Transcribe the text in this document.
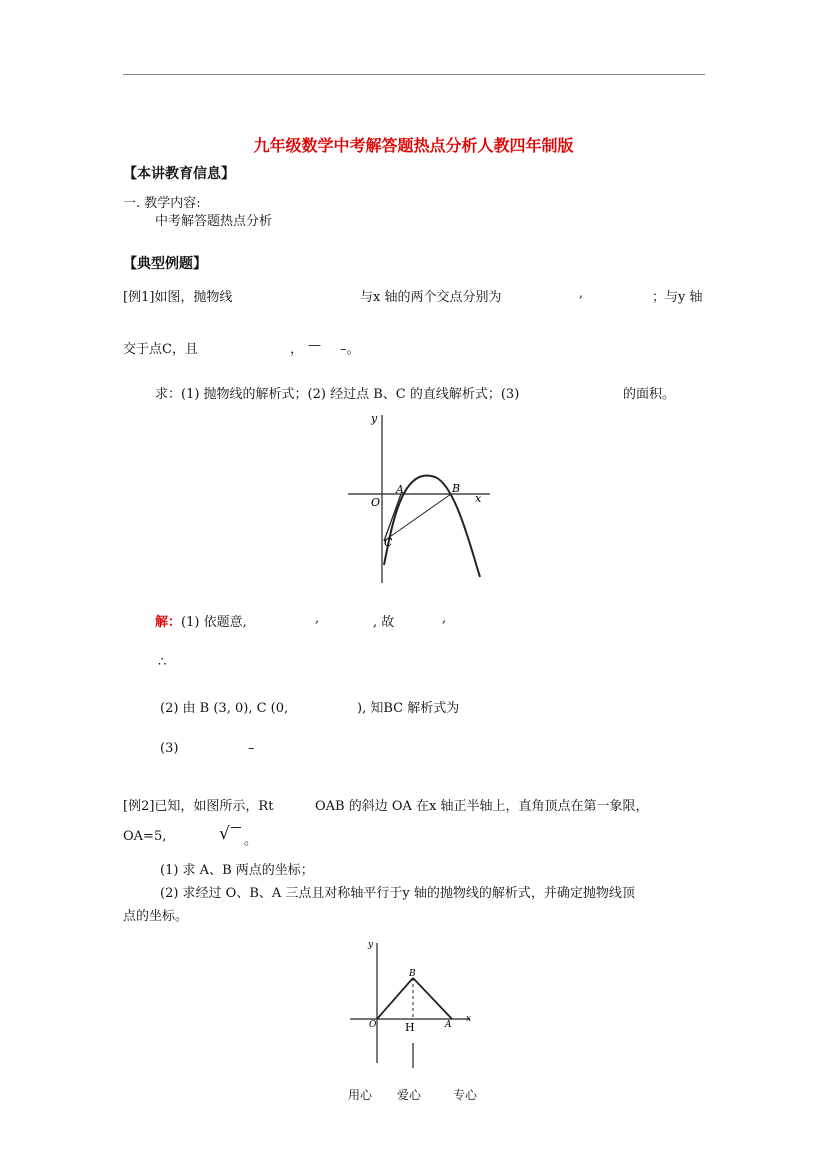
九年级数学中考解答题热点分析人教四年制版
【本讲教育信息】
一. 教学内容:
中考解答题热点分析
【典型例题】
[例1]如图，抛物线	与x 轴的两个交点分别为	,	；与y 轴
交于点C，且	， — –。
求：(1) 抛物线的解析式；(2) 经过点 B、C 的直线解析式；(3)	的面积。
y
O
A	B
x
C
解：(1) 依题意,	,	, 故	,
∴
(2) 由 B (3, 0), C (0,	), 知BC 解析式为
(3)	–
[例2]已知，如图所示，Rt	OAB 的斜边 OA 在x 轴正半轴上，直角顶点在第一象限，
OA=5,	√ 。
(1) 求 A、B 两点的坐标；
(2) 求经过 O、B、A 三点且对称轴平行于y 轴的抛物线的解析式，并确定抛物线顶
点的坐标。
y
B
O	H	A
x
用心 爱心	专心
